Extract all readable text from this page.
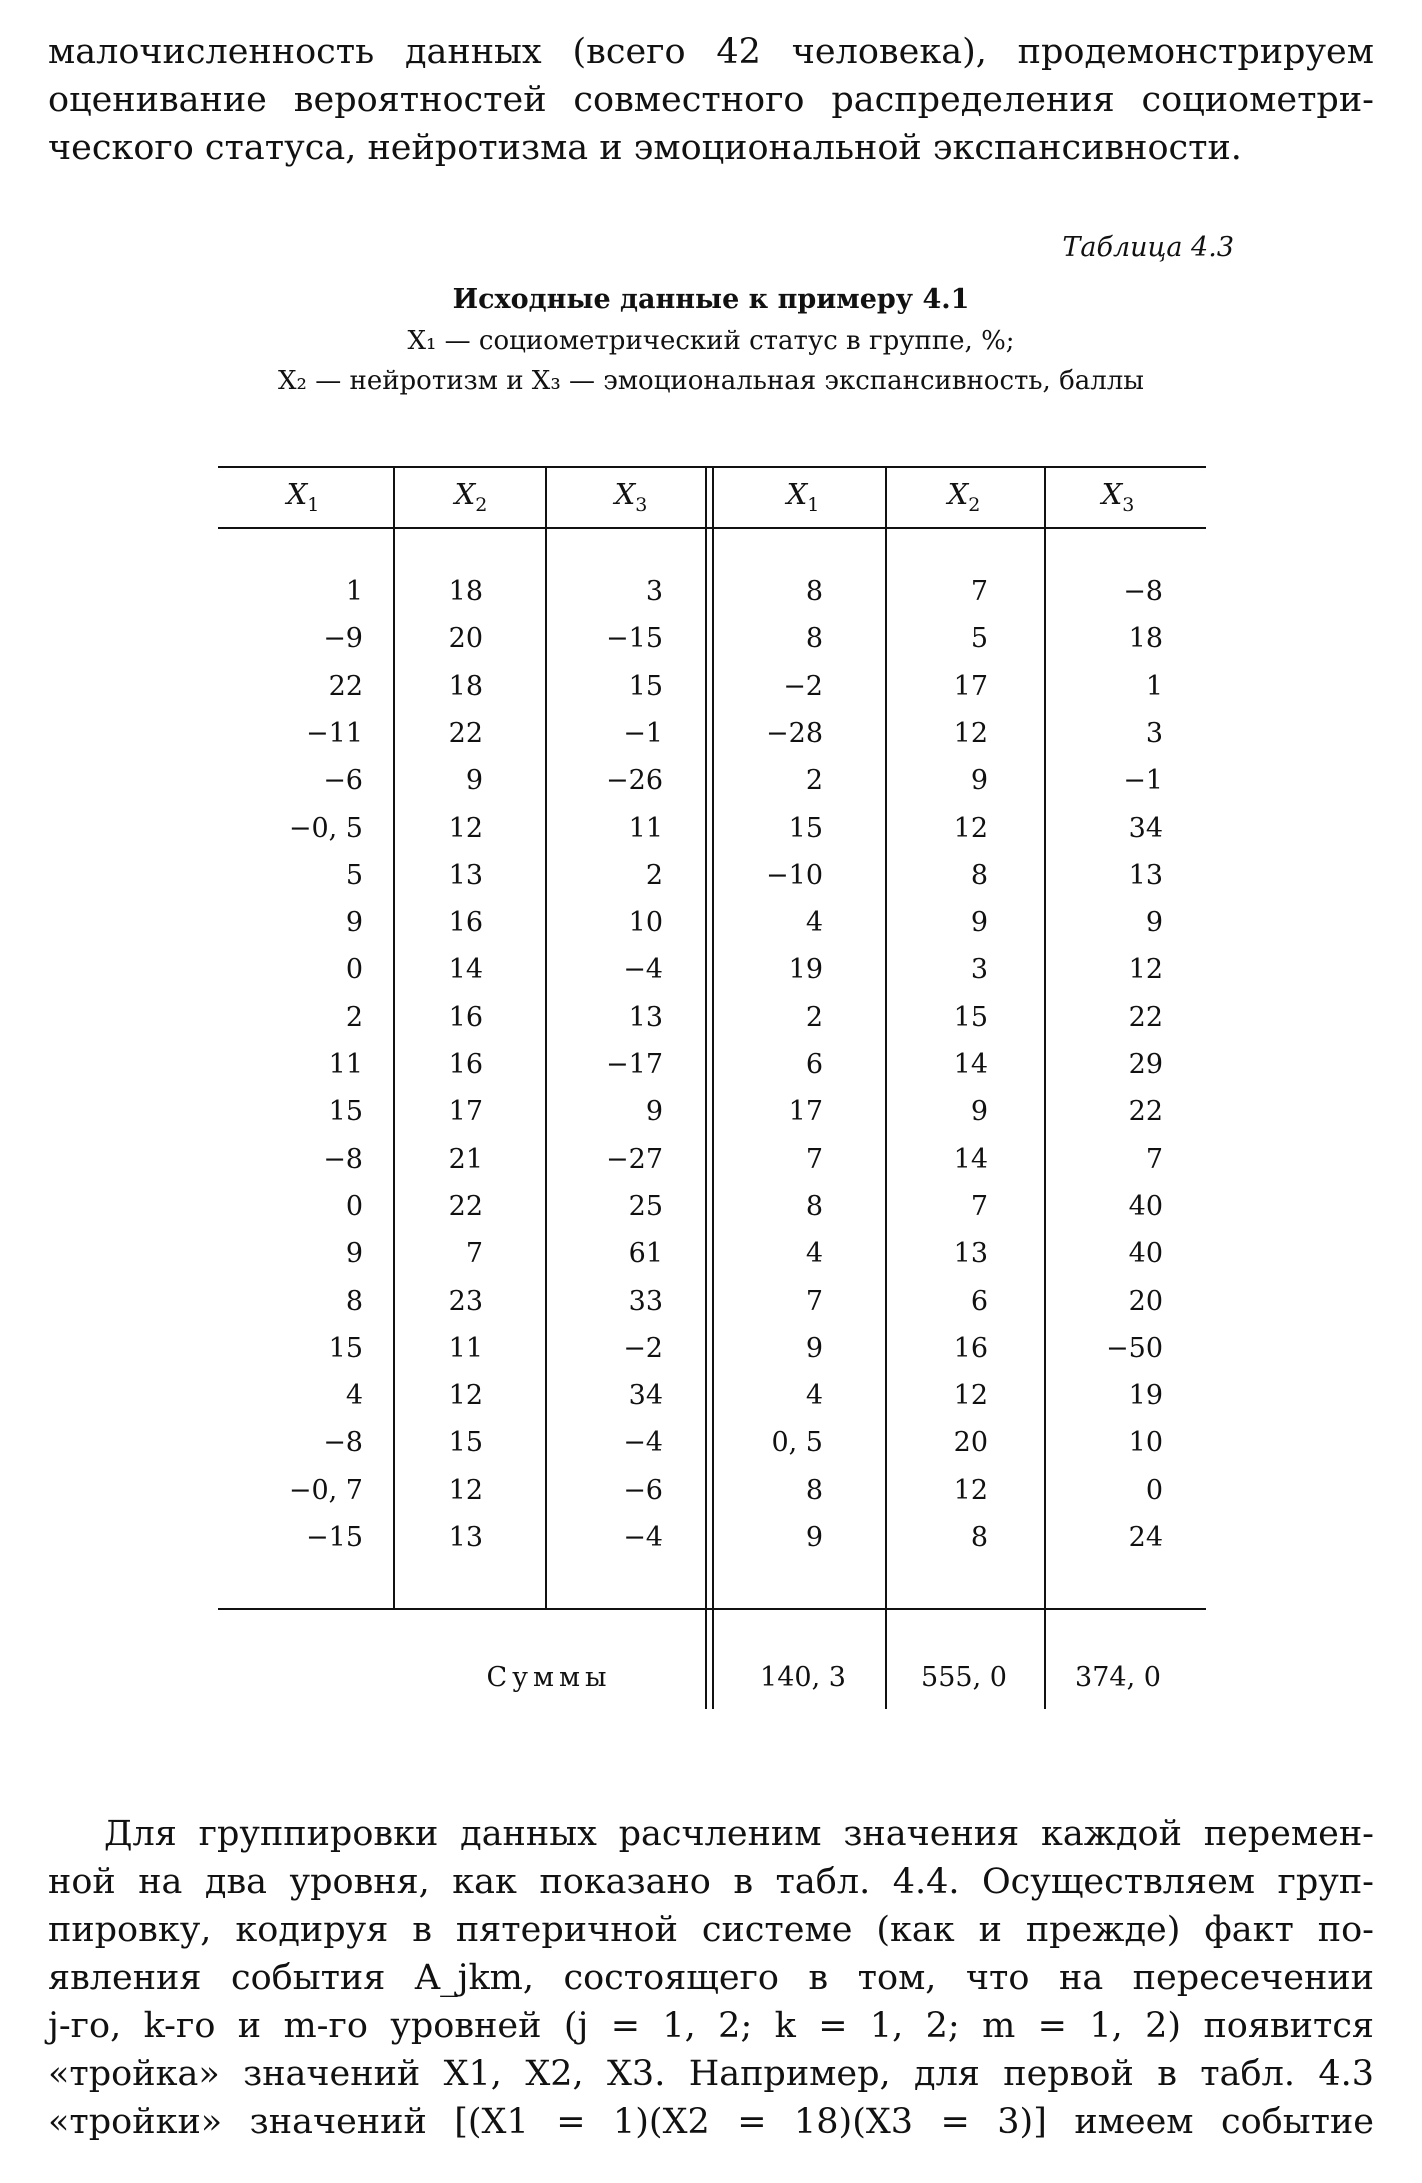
малочисленность данных (всего 42 человека), продемонстрируем
оценивание вероятностей совместного распределения социометри-
ческого статуса, нейротизма и эмоциональной экспансивности.
Таблица 4.3
Исходные данные к примеру 4.1
X₁ — социометрический статус в группе, %;
X₂ — нейротизм и X₃ — эмоциональная экспансивность, баллы
$X_1$	$X_2$	$X_3$	$X_1$	$X_2$	$X_3$
1	18	3	8	7	−8
−9	20	−15	8	5	18
22	18	15	−2	17	1
−11	22	−1	−28	12	3
−6	9	−26	2	9	−1
−0, 5	12	11	15	12	34
5	13	2	−10	8	13
9	16	10	4	9	9
0	14	−4	19	3	12
2	16	13	2	15	22
11	16	−17	6	14	29
15	17	9	17	9	22
−8	21	−27	7	14	7
0	22	25	8	7	40
9	7	61	4	13	40
8	23	33	7	6	20
15	11	−2	9	16	−50
4	12	34	4	12	19
−8	15	−4	0, 5	20	10
−0, 7	12	−6	8	12	0
−15	13	−4	9	8	24
Суммы	140, 3	555, 0	374, 0
Для группировки данных расчленим значения каждой перемен-
ной на два уровня, как показано в табл. 4.4. Осуществляем груп-
пировку, кодируя в пятеричной системе (как и прежде) факт по-
явления события A_jkm, состоящего в том, что на пересечении
j-го, k-го и m-го уровней (j = 1, 2; k = 1, 2; m = 1, 2) появится
«тройка» значений X1, X2, X3. Например, для первой в табл. 4.3
«тройки» значений [(X1 = 1)(X2 = 18)(X3 = 3)] имеем событие
